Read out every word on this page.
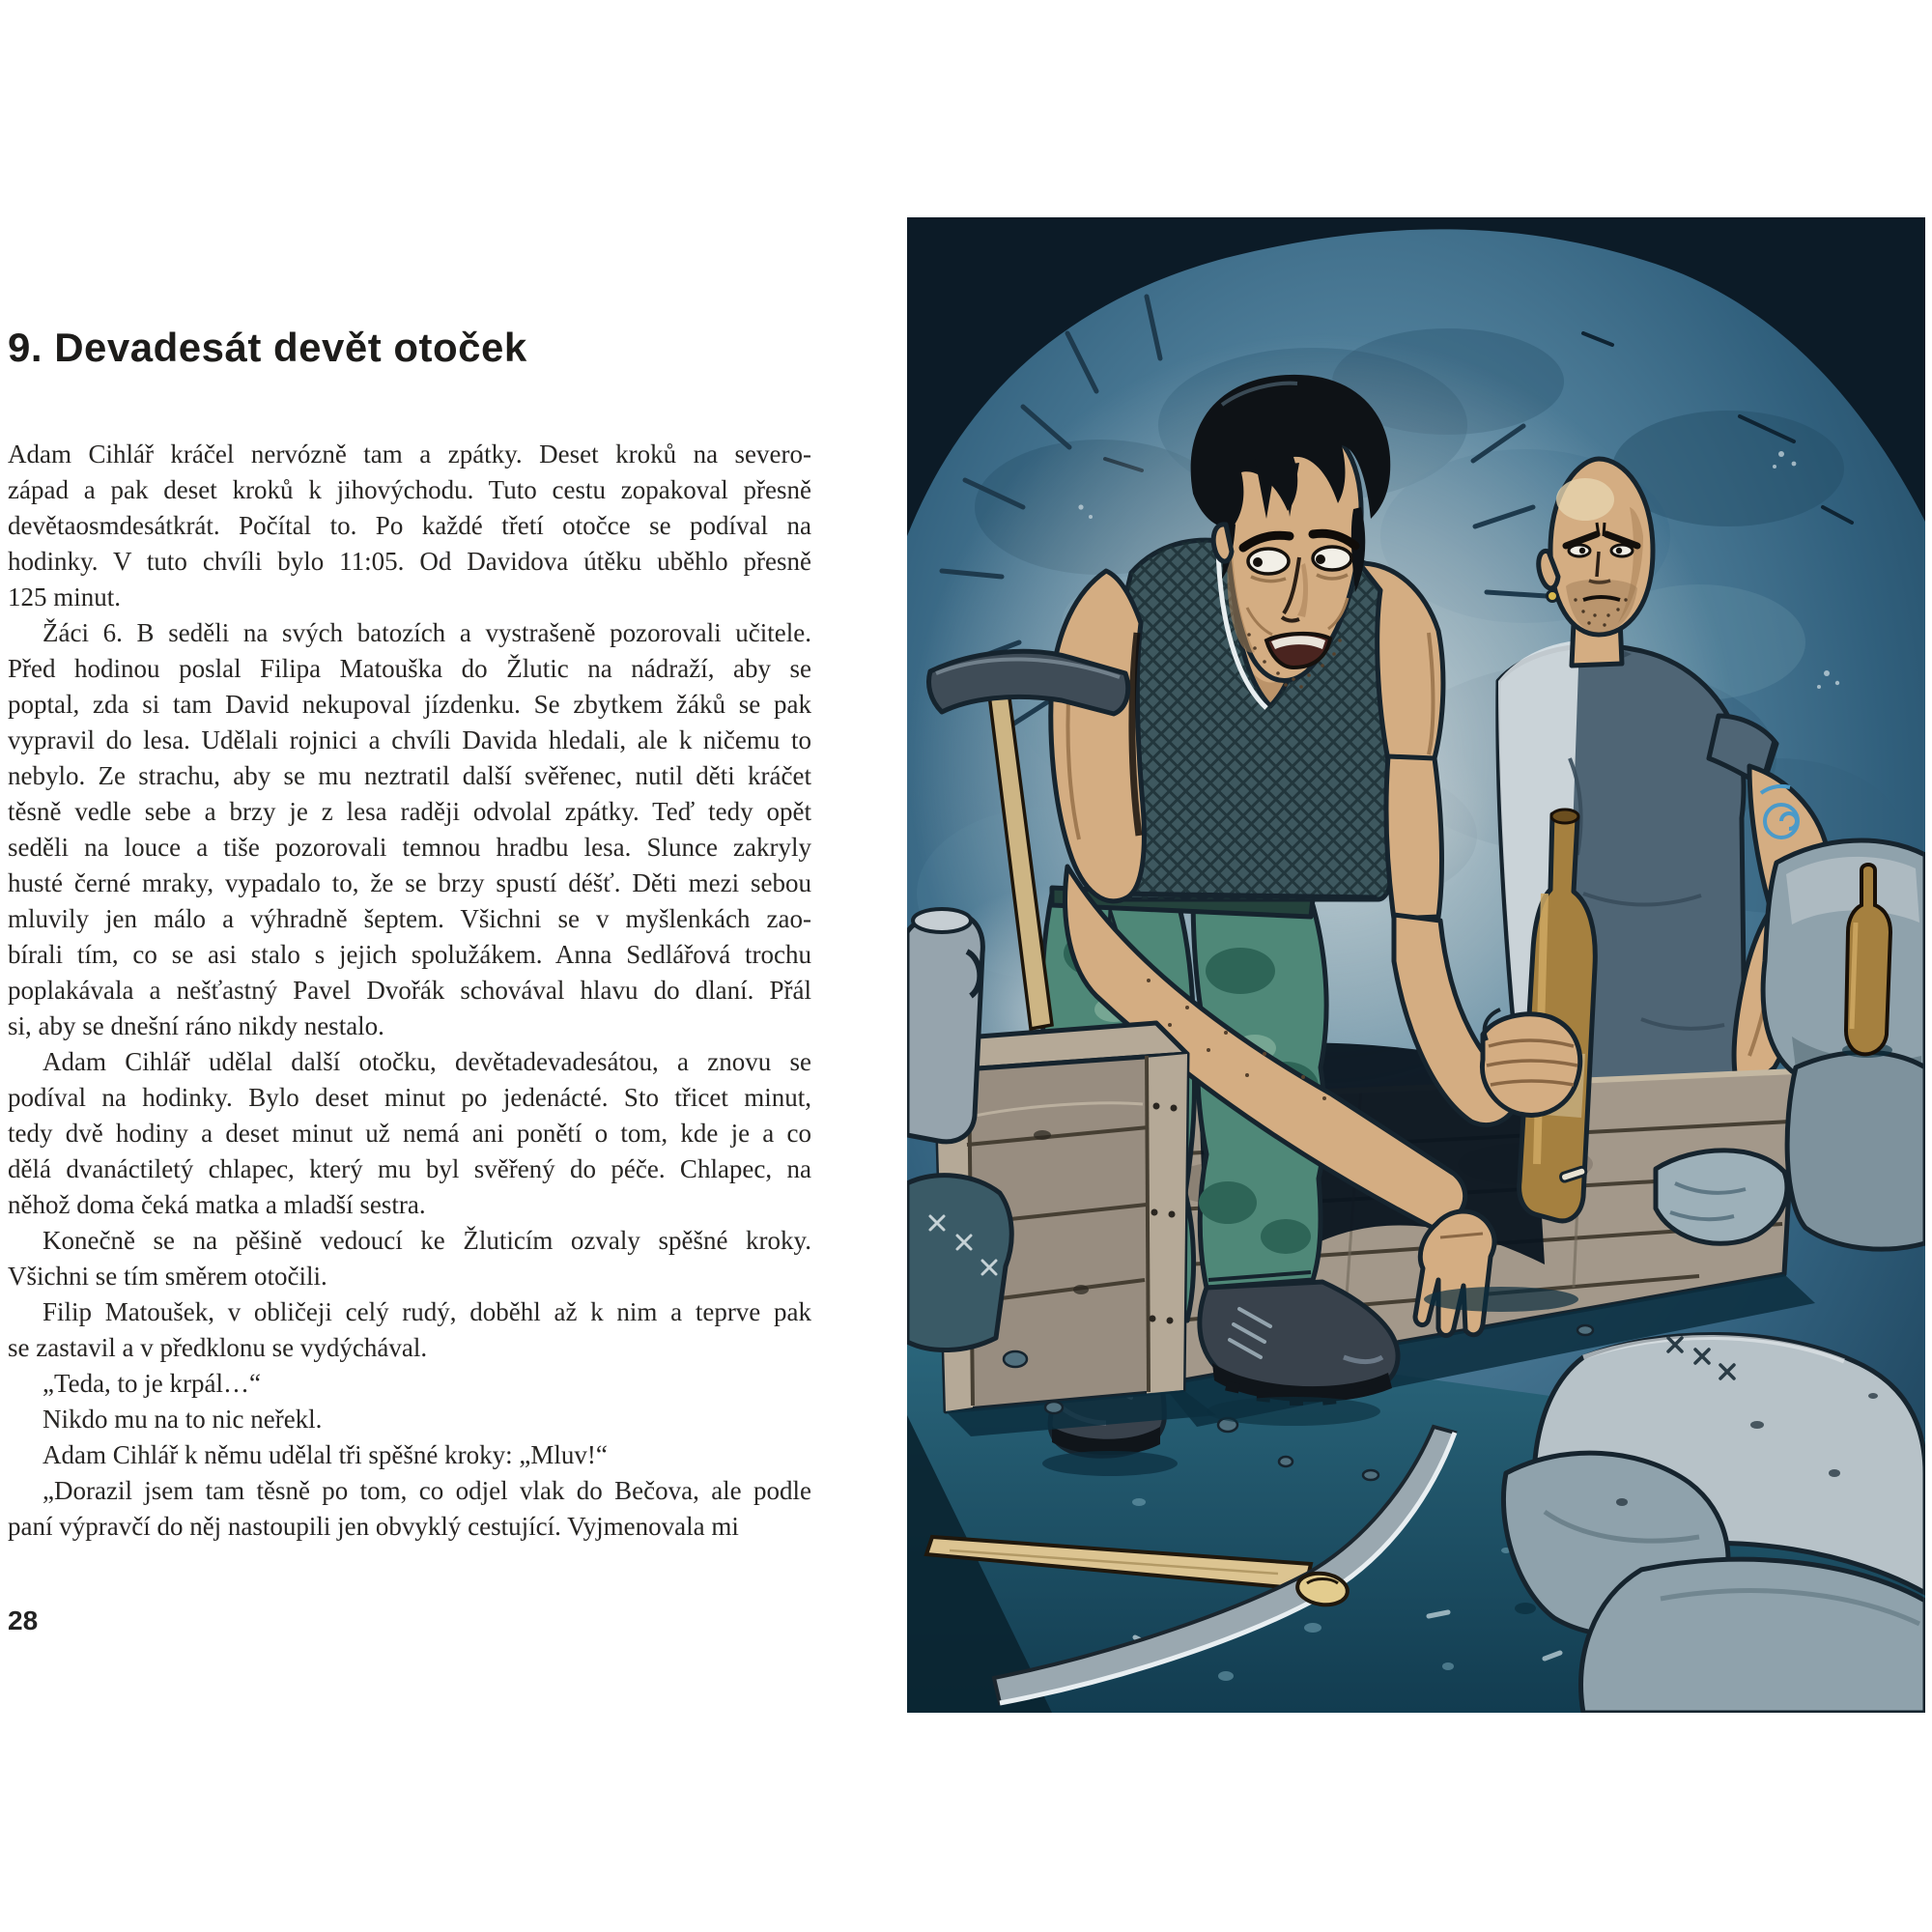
9. Devadesát devět otoček
Adam Cihlář kráčel nervózně tam a zpátky. Deset kroků na severo-
západ a pak deset kroků k jihovýchodu. Tuto cestu zopakoval přesně
devětaosmdesátkrát. Počítal to. Po každé třetí otočce se podíval na
hodinky. V tuto chvíli bylo 11:05. Od Davidova útěku uběhlo přesně
125 minut.
Žáci 6. B seděli na svých batozích a vystrašeně pozorovali učitele.
Před hodinou poslal Filipa Matouška do Žlutic na nádraží, aby se
poptal, zda si tam David nekupoval jízdenku. Se zbytkem žáků se pak
vypravil do lesa. Udělali rojnici a chvíli Davida hledali, ale k ničemu to
nebylo. Ze strachu, aby se mu neztratil další svěřenec, nutil děti kráčet
těsně vedle sebe a brzy je z lesa raději odvolal zpátky. Teď tedy opět
seděli na louce a tiše pozorovali temnou hradbu lesa. Slunce zakryly
husté černé mraky, vypadalo to, že se brzy spustí déšť. Děti mezi sebou
mluvily jen málo a výhradně šeptem. Všichni se v myšlenkách zao-
bírali tím, co se asi stalo s jejich spolužákem. Anna Sedlářová trochu
poplakávala a nešťastný Pavel Dvořák schovával hlavu do dlaní. Přál
si, aby se dnešní ráno nikdy nestalo.
Adam Cihlář udělal další otočku, devětadevadesátou, a znovu se
podíval na hodinky. Bylo deset minut po jedenácté. Sto třicet minut,
tedy dvě hodiny a deset minut už nemá ani ponětí o tom, kde je a co
dělá dvanáctiletý chlapec, který mu byl svěřený do péče. Chlapec, na
něhož doma čeká matka a mladší sestra.
Konečně se na pěšině vedoucí ke Žluticím ozvaly spěšné kroky.
Všichni se tím směrem otočili.
Filip Matoušek, v obličeji celý rudý, doběhl až k nim a teprve pak
se zastavil a v předklonu se vydýchával.
„Teda, to je krpál…“
Nikdo mu na to nic neřekl.
Adam Cihlář k němu udělal tři spěšné kroky: „Mluv!“
„Dorazil jsem tam těsně po tom, co odjel vlak do Bečova, ale podle
paní výpravčí do něj nastoupili jen obvyklý cestující. Vyjmenovala mi
28
